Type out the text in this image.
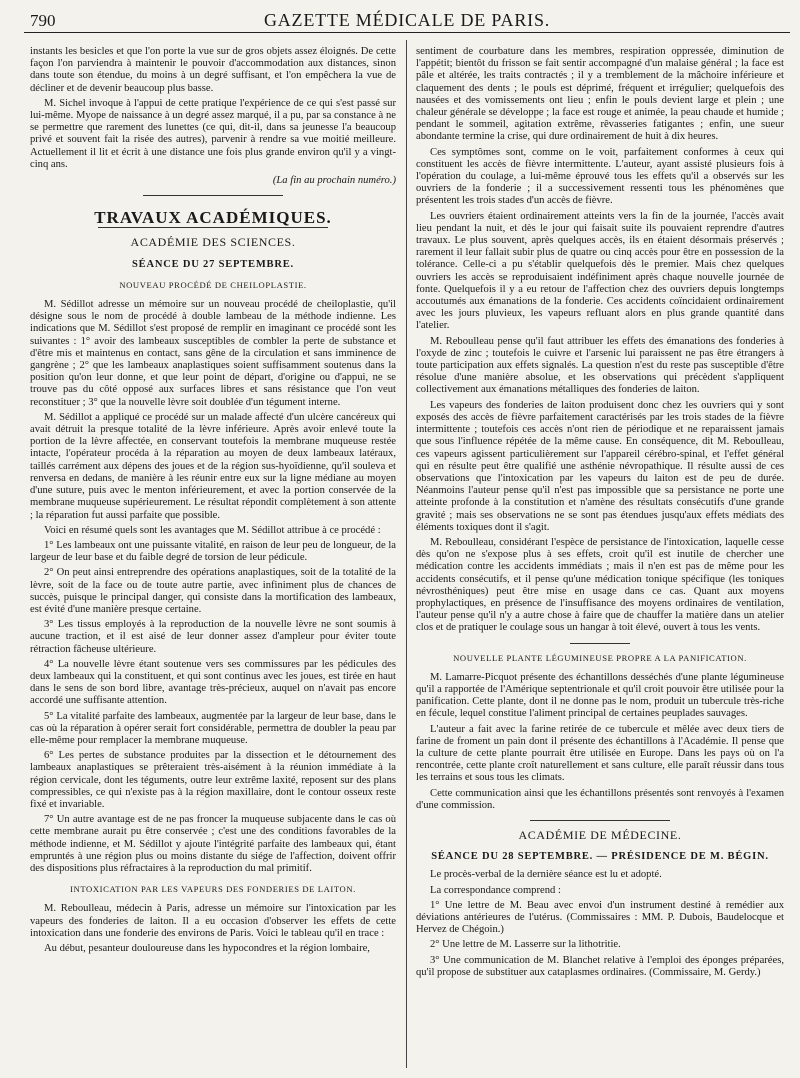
790	GAZETTE MÉDICALE DE PARIS.

instants les besicles et que l'on porte la vue sur de gros objets assez éloignés. De cette façon l'on parviendra à maintenir le pouvoir d'accommodation aux distances, sinon dans toute son étendue, du moins à un degré suffisant, et l'on empêchera la vue de décliner et de devenir beaucoup plus basse.

M. Sichel invoque à l'appui de cette pratique l'expérience de ce qui s'est passé sur lui-même. Myope de naissance à un degré assez marqué, il a pu, par sa constance à ne se permettre que rarement des lunettes (ce qui, dit-il, dans sa jeunesse l'a beaucoup privé et souvent fait la risée des autres), parvenir à rendre sa vue moitié meilleure. Actuellement il lit et écrit à une distance une fois plus grande environ qu'il y a vingt-cinq ans.

(La fin au prochain numéro.)

TRAVAUX ACADÉMIQUES.
ACADÉMIE DES SCIENCES.
SÉANCE DU 27 SEPTEMBRE.
NOUVEAU PROCÉDÉ DE CHEILOPLASTIE.

M. Sédillot adresse un mémoire sur un nouveau procédé de cheiloplastie, qu'il désigne sous le nom de procédé à double lambeau de la méthode indienne. Les indications que M. Sédillot s'est proposé de remplir en imaginant ce procédé sont les suivantes : 1° avoir des lambeaux susceptibles de combler la perte de substance et d'être mis et maintenus en contact, sans gêne de la circulation et sans imminence de gangrène ; 2° que les lambeaux anaplastiques soient suffisamment soutenus dans la position qu'on leur donne, et que leur point de départ, d'origine ou d'appui, ne se trouve pas du côté opposé aux surfaces libres et sans résistance que l'on veut reconstituer ; 3° que la nouvelle lèvre soit doublée d'un tégument interne.

M. Sédillot a appliqué ce procédé sur un malade affecté d'un ulcère cancéreux qui avait détruit la presque totalité de la lèvre inférieure. Après avoir enlevé toute la portion de la lèvre affectée, en conservant toutefois la membrane muqueuse restée intacte, l'opérateur procéda à la réparation au moyen de deux lambeaux latéraux, taillés carrément aux dépens des joues et de la région sus-hyoïdienne, qu'il souleva et renversa en dedans, de manière à les réunir entre eux sur la ligne médiane au moyen d'une suture, puis avec le menton inférieurement, et avec la portion conservée de la membrane muqueuse supérieurement. Le résultat répondit complètement à son attente ; la réparation fut aussi parfaite que possible.

Voici en résumé quels sont les avantages que M. Sédillot attribue à ce procédé :

1° Les lambeaux ont une puissante vitalité, en raison de leur peu de longueur, de la largeur de leur base et du faible degré de torsion de leur pédicule.

2° On peut ainsi entreprendre des opérations anaplastiques, soit de la totalité de la lèvre, soit de la face ou de toute autre partie, avec infiniment plus de chances de succès, puisque le principal danger, qui consiste dans la mortification des lambeaux, est évité d'une manière presque certaine.

3° Les tissus employés à la reproduction de la nouvelle lèvre ne sont soumis à aucune traction, et il est aisé de leur donner assez d'ampleur pour éviter toute rétraction fâcheuse ultérieure.

4° La nouvelle lèvre étant soutenue vers ses commissures par les pédicules des deux lambeaux qui la constituent, et qui sont continus avec les joues, est tirée en haut dans le sens de son bord libre, avantage très-précieux, auquel on n'avait pas encore accordé une suffisante attention.

5° La vitalité parfaite des lambeaux, augmentée par la largeur de leur base, dans le cas où la réparation à opérer serait fort considérable, permettra de doubler la peau par elle-même pour remplacer la membrane muqueuse.

6° Les pertes de substance produites par la dissection et le détournement des lambeaux anaplastiques se prêteraient très-aisément à la réunion immédiate à la région cervicale, dont les téguments, outre leur extrême laxité, reposent sur des plans compressibles, ce qui n'existe pas à la région maxillaire, dont le contour osseux reste fixé et invariable.

7° Un autre avantage est de ne pas froncer la muqueuse subjacente dans le cas où cette membrane aurait pu être conservée ; c'est une des conditions favorables de la méthode indienne, et M. Sédillot y ajoute l'intégrité parfaite des lambeaux qui, étant empruntés à une région plus ou moins distante du siége de l'affection, doivent offrir des dispositions plus réfractaires à la reproduction du mal primitif.

INTOXICATION PAR LES VAPEURS DES FONDERIES DE LAITON.

M. Reboulleau, médecin à Paris, adresse un mémoire sur l'intoxication par les vapeurs des fonderies de laiton. Il a eu occasion d'observer les effets de cette intoxication dans une fonderie des environs de Paris. Voici le tableau qu'il en trace :

Au début, pesanteur douloureuse dans les hypocondres et la région lombaire,

sentiment de courbature dans les membres, respiration oppressée, diminution de l'appétit; bientôt du frisson se fait sentir accompagné d'un malaise général ; la face est pâle et altérée, les traits contractés ; il y a tremblement de la mâchoire inférieure et claquement des dents ; le pouls est déprimé, fréquent et irrégulier; quelquefois des nausées et des vomissements ont lieu ; enfin le pouls devient large et plein ; une chaleur générale se développe ; la face est rouge et animée, la peau chaude et humide ; pendant le sommeil, agitation extrême, rêvasseries fatigantes ; enfin, une sueur abondante termine la crise, qui dure ordinairement de huit à dix heures.

Ces symptômes sont, comme on le voit, parfaitement conformes à ceux qui constituent les accès de fièvre intermittente. L'auteur, ayant assisté plusieurs fois à l'opération du coulage, a lui-même éprouvé tous les effets qu'il a observés sur les ouvriers de la fonderie ; il a successivement ressenti tous les phénomènes que présentent les trois stades d'un accès de fièvre.

Les ouvriers étaient ordinairement atteints vers la fin de la journée, l'accès avait lieu pendant la nuit, et dès le jour qui faisait suite ils pouvaient reprendre d'autres travaux. Le plus souvent, après quelques accès, ils en étaient désormais préservés ; rarement il leur fallait subir plus de quatre ou cinq accès pour être en possession de la tolérance. Celle-ci a pu s'établir quelquefois dès le premier. Mais chez quelques ouvriers les accès se reproduisaient indéfiniment après chaque nouvelle journée de fonte. Quelquefois il y a eu retour de l'affection chez des ouvriers depuis longtemps accoutumés aux émanations de la fonderie. Ces accidents coïncidaient ordinairement avec les jours pluvieux, les vapeurs refluant alors en plus grande quantité dans l'atelier.

M. Reboulleau pense qu'il faut attribuer les effets des émanations des fonderies à l'oxyde de zinc ; toutefois le cuivre et l'arsenic lui paraissent ne pas être étrangers à toute participation aux effets signalés. La question n'est du reste pas susceptible d'être résolue d'une manière absolue, et les observations qui précèdent s'appliquent collectivement aux émanations métalliques des fonderies de laiton.

Les vapeurs des fonderies de laiton produisent donc chez les ouvriers qui y sont exposés des accès de fièvre parfaitement caractérisés par les trois stades de la fièvre intermittente ; toutefois ces accès n'ont rien de périodique et ne reparaissent jamais que sous l'influence répétée de la même cause. En conséquence, dit M. Reboulleau, ces vapeurs agissent particulièrement sur l'appareil cérébro-spinal, et l'effet général qui en résulte peut être qualifié une asthénie névropathique. Il résulte aussi de ces observations que l'intoxication par les vapeurs du laiton est de peu de durée. Néanmoins l'auteur pense qu'il n'est pas impossible que sa persistance ne porte une atteinte profonde à la constitution et n'amène des résultats consécutifs d'une grande gravité ; mais ses observations ne se sont pas étendues jusqu'aux effets médiats des éléments toxiques dont il s'agit.

M. Reboulleau, considérant l'espèce de persistance de l'intoxication, laquelle cesse dès qu'on ne s'expose plus à ses effets, croit qu'il est inutile de chercher une médication contre les accidents immédiats ; mais il n'en est pas de même pour les accidents consécutifs, et il pense qu'une médication tonique spécifique (les toniques névrosthéniques) peut être mise en usage dans ce cas. Quant aux moyens prophylactiques, en présence de l'insuffisance des moyens ordinaires de ventilation, l'auteur pense qu'il n'y a autre chose à faire que de chauffer la matière dans un atelier clos et de pratiquer le coulage sous un hangar à toit élevé, ouvert à tous les vents.

NOUVELLE PLANTE LÉGUMINEUSE PROPRE A LA PANIFICATION.

M. Lamarre-Picquot présente des échantillons desséchés d'une plante légumineuse qu'il a rapportée de l'Amérique septentrionale et qu'il croit pouvoir être utilisée pour la panification. Cette plante, dont il ne donne pas le nom, produit un tubercule très-riche en fécule, lequel constitue l'aliment principal de certaines peuplades sauvages.

L'auteur a fait avec la farine retirée de ce tubercule et mêlée avec deux tiers de farine de froment un pain dont il présente des échantillons à l'Académie. Il pense que la culture de cette plante pourrait être utilisée en Europe. Dans les pays où on l'a rencontrée, cette plante croît naturellement et sans culture, elle paraît réussir dans tous les terrains et sous tous les climats.

Cette communication ainsi que les échantillons présentés sont renvoyés à l'examen d'une commission.

ACADÉMIE DE MÉDECINE.
SÉANCE DU 28 SEPTEMBRE. — PRÉSIDENCE DE M. BÉGIN.

Le procès-verbal de la dernière séance est lu et adopté.

La correspondance comprend :

1° Une lettre de M. Beau avec envoi d'un instrument destiné à remédier aux déviations antérieures de l'utérus. (Commissaires : MM. P. Dubois, Baudelocque et Hervez de Chégoin.)

2° Une lettre de M. Lasserre sur la lithotritie.

3° Une communication de M. Blanchet relative à l'emploi des éponges préparées, qu'il propose de substituer aux cataplasmes ordinaires. (Commissaire, M. Gerdy.)
